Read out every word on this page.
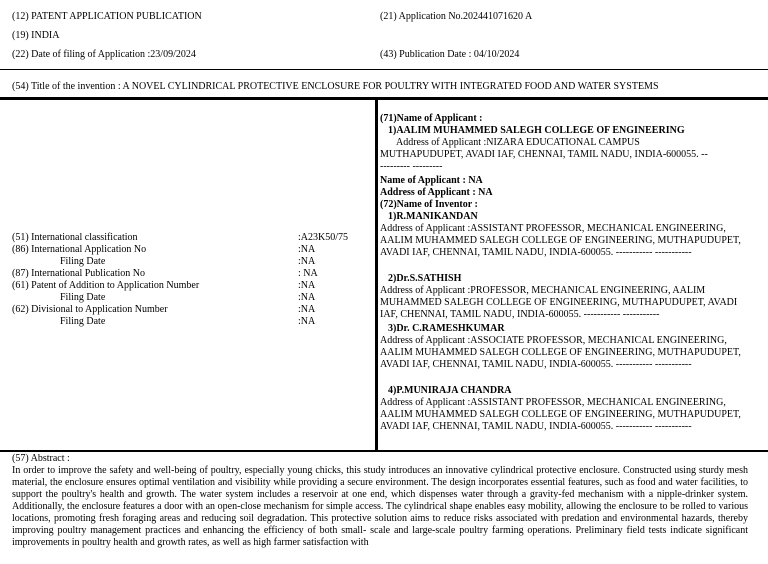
(12) PATENT APPLICATION PUBLICATION
(19) INDIA
(22) Date of filing of Application :23/09/2024
(21) Application No.202441071620 A
(43) Publication Date : 04/10/2024
(54) Title of the invention : A NOVEL CYLINDRICAL PROTECTIVE ENCLOSURE FOR POULTRY WITH INTEGRATED FOOD AND WATER SYSTEMS
(51) International classification	:A23K50/75
(86) International Application No	:NA
Filing Date	:NA
(87) International Publication No	: NA
(61) Patent of Addition to Application Number	:NA
Filing Date	:NA
(62) Divisional to Application Number	:NA
Filing Date	:NA
(71)Name of Applicant :
1)AALIM MUHAMMED SALEGH COLLEGE OF ENGINEERING
Address of Applicant :NIZARA EDUCATIONAL CAMPUS
MUTHAPUDUPET, AVADI IAF, CHENNAI, TAMIL NADU, INDIA-600055. --
--------- ---------
Name of Applicant : NA
Address of Applicant : NA
(72)Name of Inventor :
1)R.MANIKANDAN
Address of Applicant :ASSISTANT PROFESSOR, MECHANICAL ENGINEERING, AALIM MUHAMMED SALEGH COLLEGE OF ENGINEERING, MUTHAPUDUPET, AVADI IAF, CHENNAI, TAMIL NADU, INDIA-600055. ----------- -----------
2)Dr.S.SATHISH
Address of Applicant :PROFESSOR, MECHANICAL ENGINEERING, AALIM MUHAMMED SALEGH COLLEGE OF ENGINEERING, MUTHAPUDUPET, AVADI IAF, CHENNAI, TAMIL NADU, INDIA-600055. ----------- -----------
3)Dr. C.RAMESHKUMAR
Address of Applicant :ASSOCIATE PROFESSOR, MECHANICAL ENGINEERING, AALIM MUHAMMED SALEGH COLLEGE OF ENGINEERING, MUTHAPUDUPET, AVADI IAF, CHENNAI, TAMIL NADU, INDIA-600055. ----------- -----------
4)P.MUNIRAJA CHANDRA
Address of Applicant :ASSISTANT PROFESSOR, MECHANICAL ENGINEERING, AALIM MUHAMMED SALEGH COLLEGE OF ENGINEERING, MUTHAPUDUPET, AVADI IAF, CHENNAI, TAMIL NADU, INDIA-600055. ----------- -----------
(57) Abstract :
In order to improve the safety and well-being of poultry, especially young chicks, this study introduces an innovative cylindrical protective enclosure. Constructed using sturdy mesh material, the enclosure ensures optimal ventilation and visibility while providing a secure environment. The design incorporates essential features, such as food and water facilities, to support the poultry's health and growth. The water system includes a reservoir at one end, which dispenses water through a gravity-fed mechanism with a nipple-drinker system. Additionally, the enclosure features a door with an open-close mechanism for simple access. The cylindrical shape enables easy mobility, allowing the enclosure to be rolled to various locations, promoting fresh foraging areas and reducing soil degradation. This protective solution aims to reduce risks associated with predation and environmental hazards, thereby improving poultry management practices and enhancing the efficiency of both small- scale and large-scale poultry farming operations. Preliminary field tests indicate significant improvements in poultry health and growth rates, as well as high farmer satisfaction with
